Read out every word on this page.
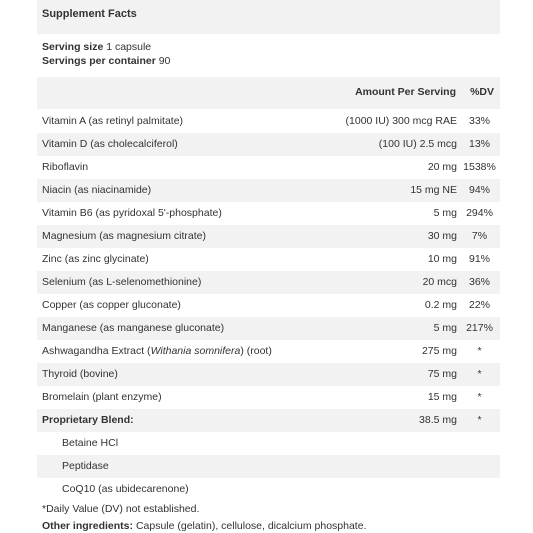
Supplement Facts
Serving size 1 capsule
Servings per container 90
Amount Per Serving %DV
Vitamin A (as retinyl palmitate)	(1000 IU) 300 mcg RAE	33%
Vitamin D (as cholecalciferol)	(100 IU) 2.5 mcg	13%
Riboflavin	20 mg 1538%
Niacin (as niacinamide)	15 mg NE	94%
Vitamin B6 (as pyridoxal 5'-phosphate)	5 mg 294%
Magnesium (as magnesium citrate)	30 mg	7%
Zinc (as zinc glycinate)	10 mg	91%
Selenium (as L-selenomethionine)	20 mcg	36%
Copper (as copper gluconate)	0.2 mg	22%
Manganese (as manganese gluconate)	5 mg 217%
Ashwagandha Extract (Withania somnifera) (root)	275 mg	*
Thyroid (bovine)	75 mg	*
Bromelain (plant enzyme)	15 mg	*
Proprietary Blend:	38.5 mg	*
Betaine HCl
Peptidase
CoQ10 (as ubidecarenone)
*Daily Value (DV) not established.
Other ingredients: Capsule (gelatin), cellulose, dicalcium phosphate.
